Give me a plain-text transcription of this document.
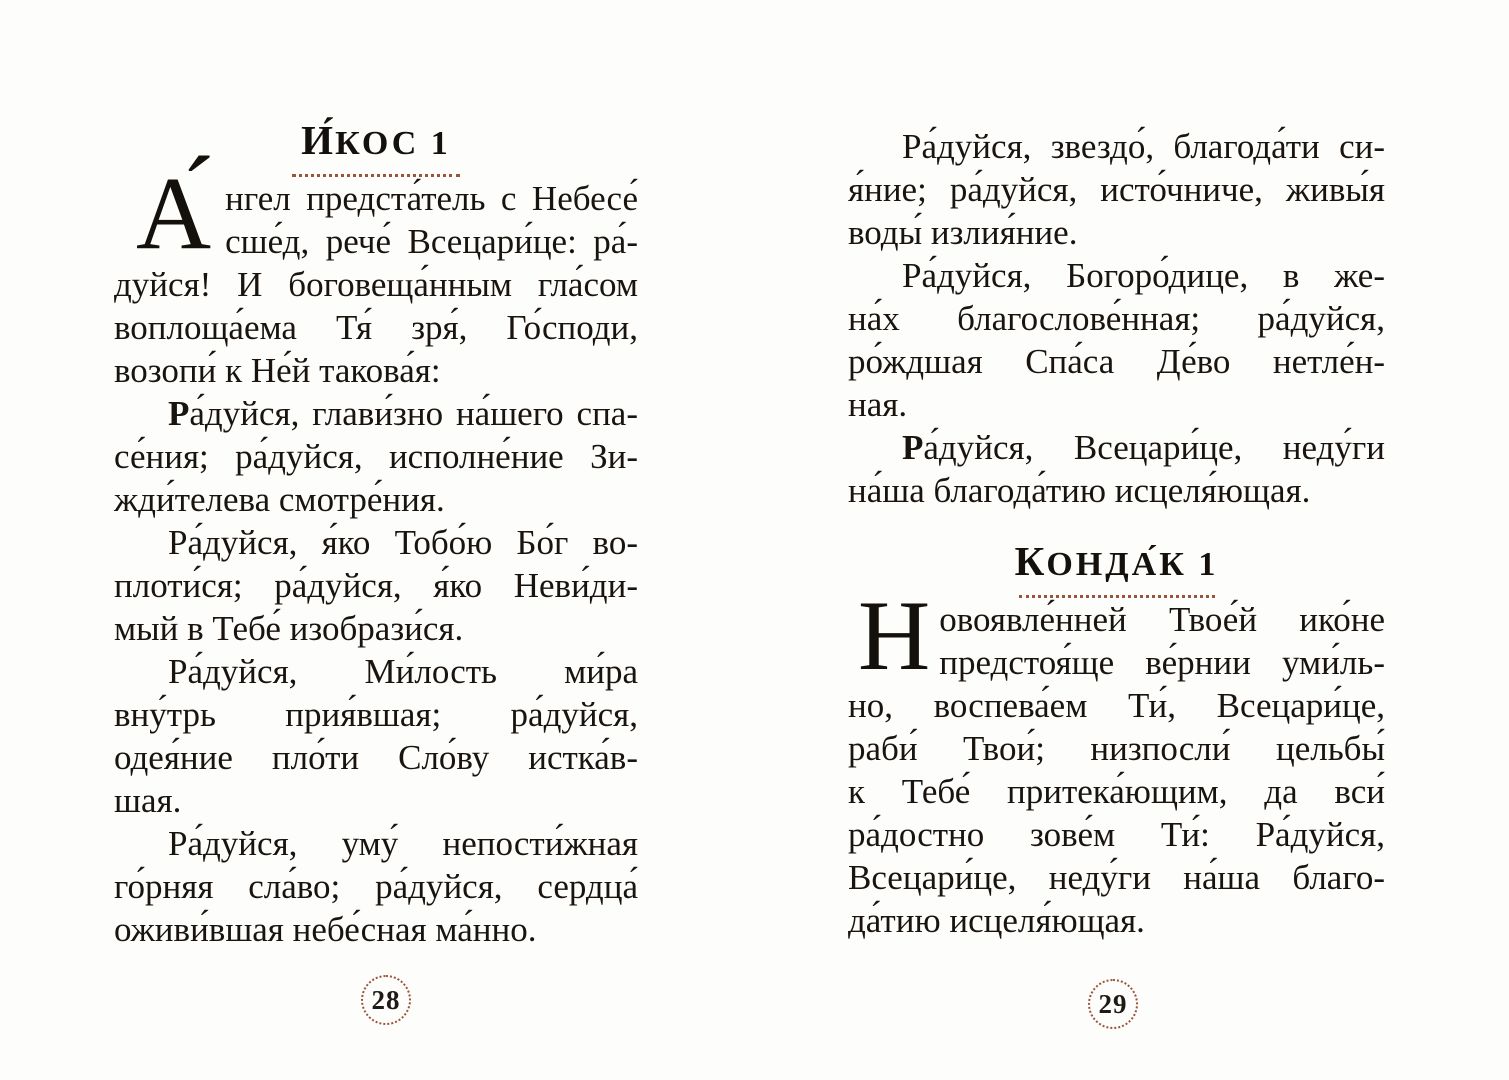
И́КОС 1
А́ нгел предста́тель с Небесе́
сше́д, рече́ Всецари́це: ра́-
дуйся! И боговеща́нным гла́сом
воплоща́ема Тя́ зря́, Го́споди,
возопи́ к Не́й такова́я:
Ра́дуйся, глави́зно на́шего спа-
се́ния; ра́дуйся, исполне́ние Зи-
жди́телева смотре́ния.
Ра́дуйся, я́ко Тобо́ю Бо́г во-
плоти́ся; ра́дуйся, я́ко Неви́ди-
мый в Тебе́ изобрази́ся.
Ра́дуйся, Ми́лость ми́ра
вну́трь прия́вшая; ра́дуйся,
одея́ние пло́ти Сло́ву истка́в-
шая.
Ра́дуйся, уму́ непости́жная
го́рняя сла́во; ра́дуйся, сердца́
оживи́вшая небе́сная ма́нно.
28
Ра́дуйся, звездо́, благода́ти си-
я́ние; ра́дуйся, исто́чниче, живы́я
воды́ излия́ние.
Ра́дуйся, Богоро́дице, в же-
на́х благослове́нная; ра́дуйся,
ро́ждшая Спа́са Де́во нетле́н-
ная.
Ра́дуйся, Всецари́це, неду́ги
на́ша благода́тию исцеля́ющая.
КОНДА́К 1
Н овоявле́нней Твое́й ико́не
предстоя́ще ве́рнии уми́ль-
но, воспева́ем Ти́, Всецари́це,
раби́ Твои́; низпосли́ цельбы́
к Тебе́ притека́ющим, да вси́
ра́достно зове́м Ти́: Ра́дуйся,
Всецари́це, неду́ги на́ша благо-
да́тию исцеля́ющая.
29
